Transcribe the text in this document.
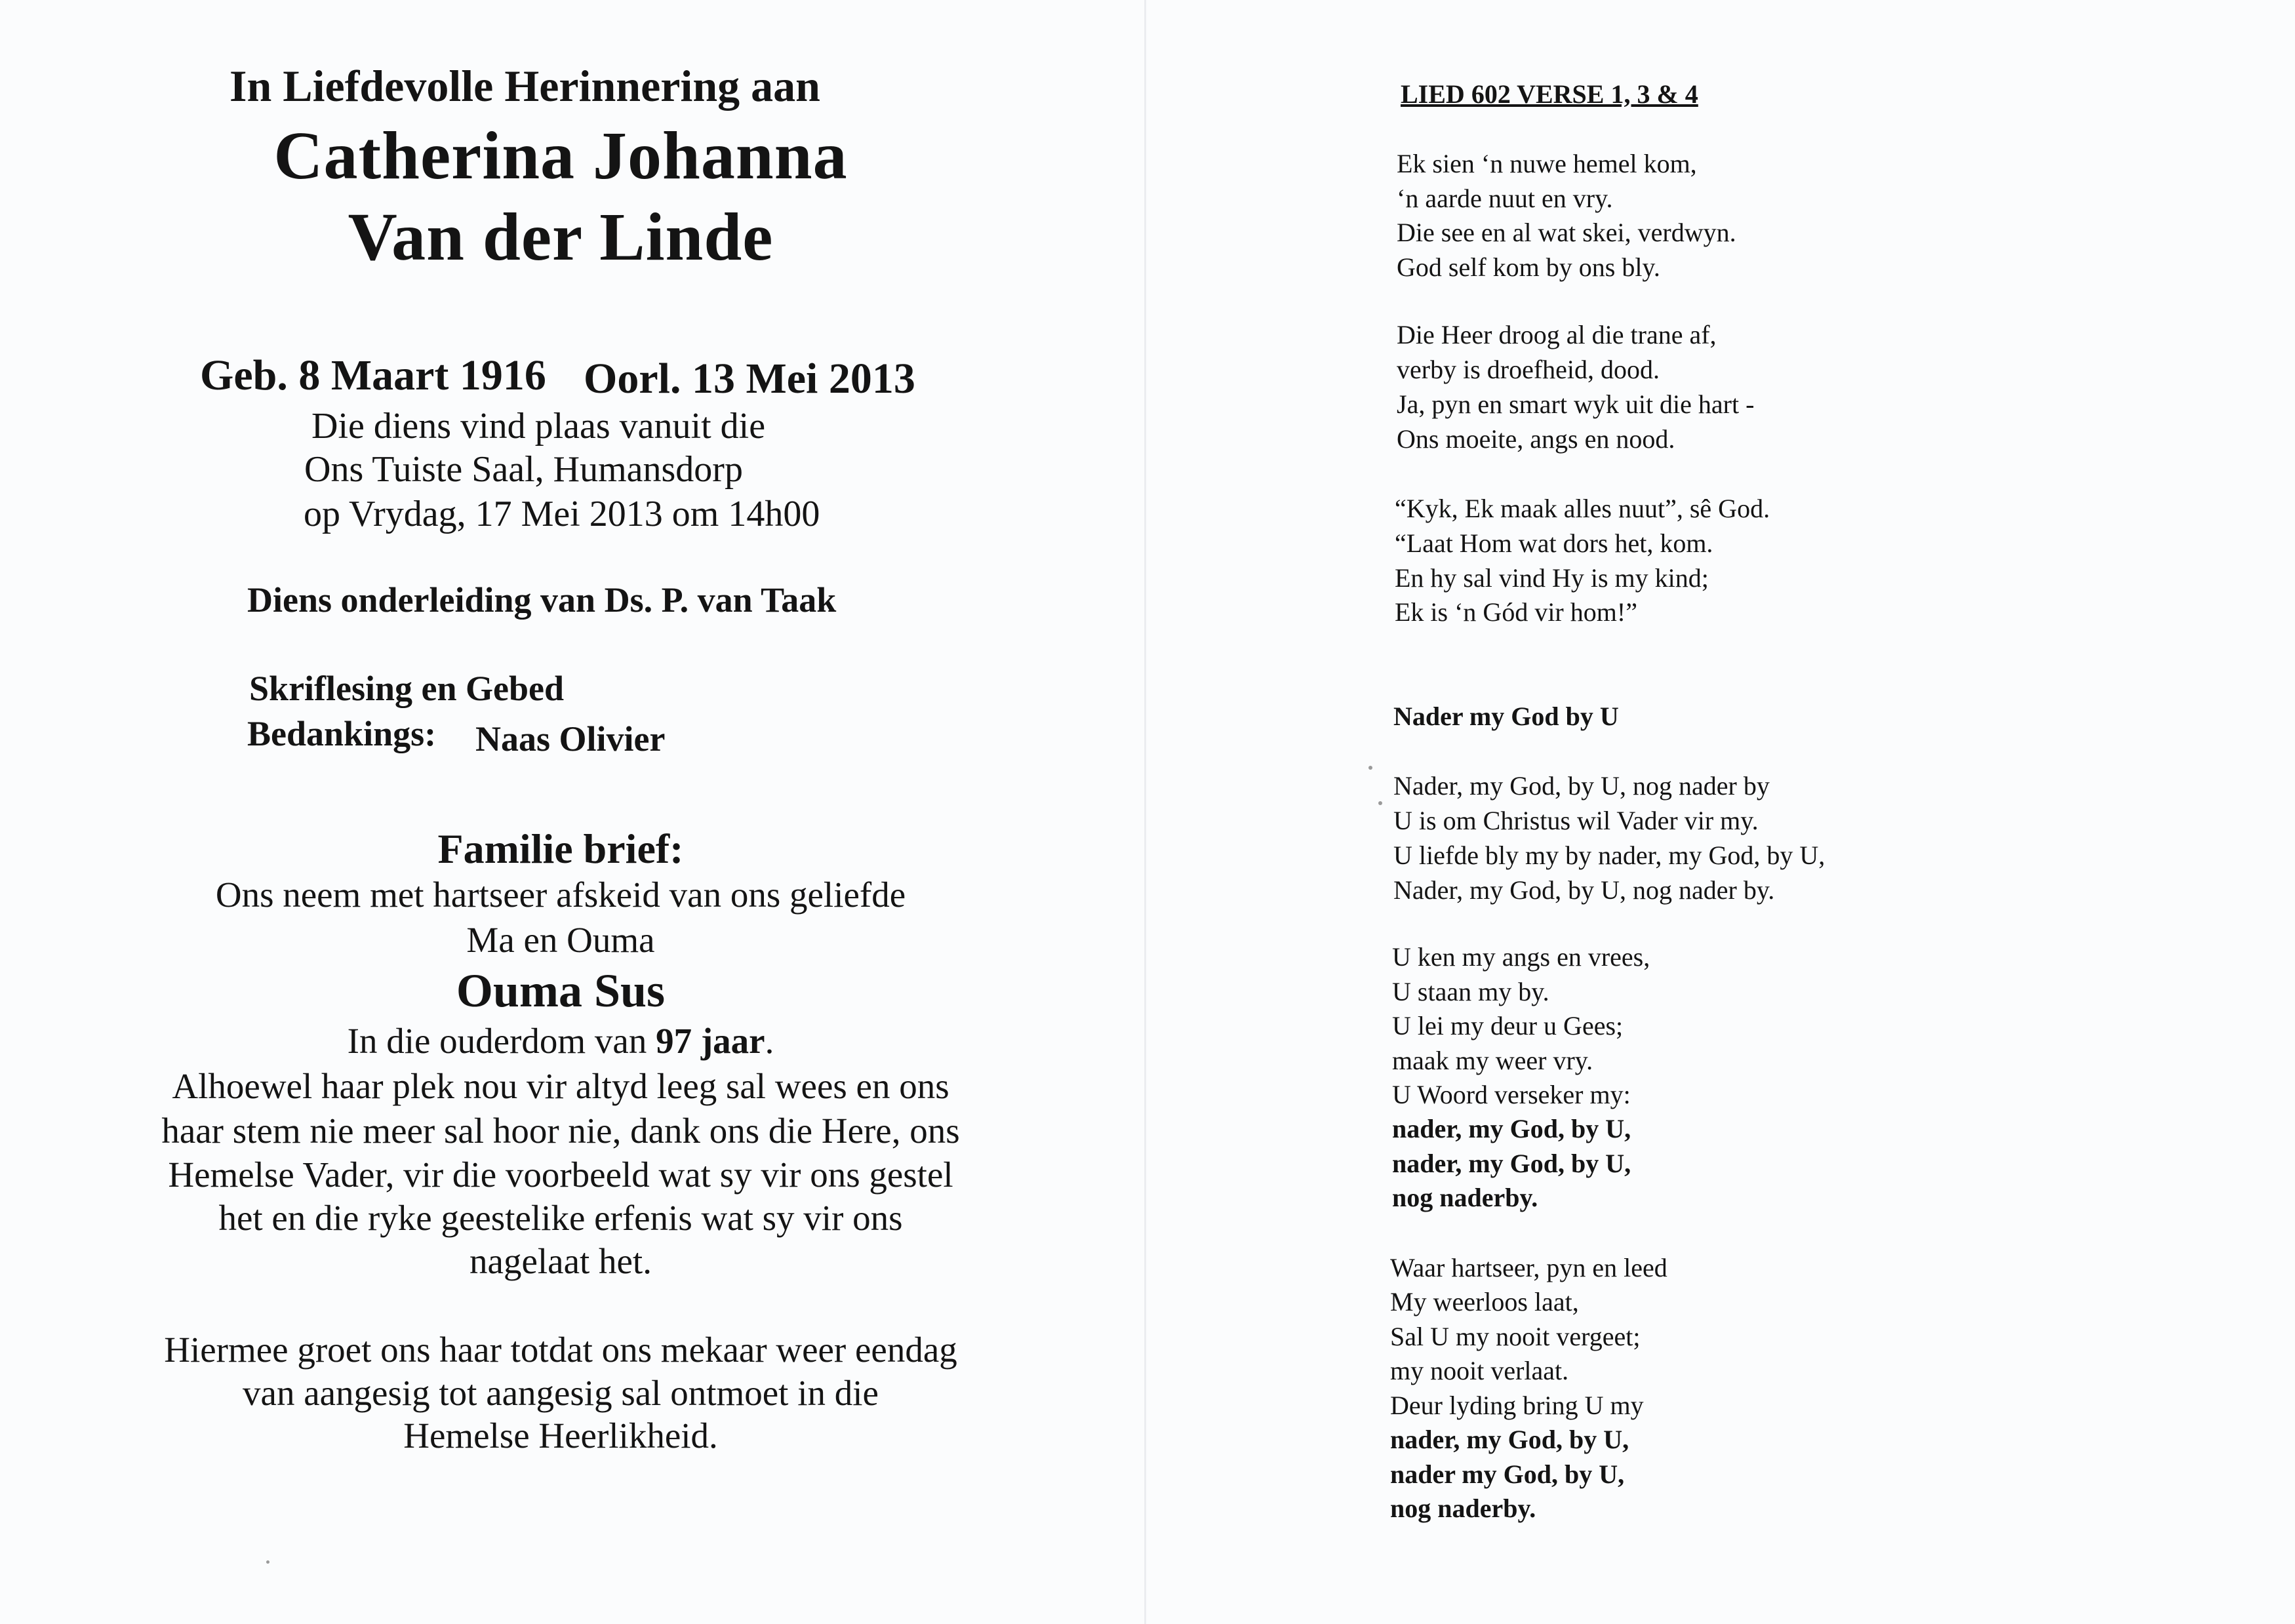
In Liefdevolle Herinnering aan
Catherina Johanna
Van der Linde
Geb. 8 Maart 1916 Oorl. 13 Mei 2013
Die diens vind plaas vanuit die
Ons Tuiste Saal, Humansdorp
op Vrydag, 17 Mei 2013 om 14h00
Diens onderleiding van Ds. P. van Taak
Skriflesing en Gebed
Bedankings: Naas Olivier
Familie brief:
Ons neem met hartseer afskeid van ons geliefde
Ma en Ouma
Ouma Sus
In die ouderdom van 97 jaar.
Alhoewel haar plek nou vir altyd leeg sal wees en ons
haar stem nie meer sal hoor nie, dank ons die Here, ons
Hemelse Vader, vir die voorbeeld wat sy vir ons gestel
het en die ryke geestelike erfenis wat sy vir ons
nagelaat het.
Hiermee groet ons haar totdat ons mekaar weer eendag
van aangesig tot aangesig sal ontmoet in die
Hemelse Heerlikheid.
LIED 602 VERSE 1, 3 & 4
Ek sien ‘n nuwe hemel kom,
‘n aarde nuut en vry.
Die see en al wat skei, verdwyn.
God self kom by ons bly.
Die Heer droog al die trane af,
verby is droefheid, dood.
Ja, pyn en smart wyk uit die hart -
Ons moeite, angs en nood.
“Kyk, Ek maak alles nuut”, sê God.
“Laat Hom wat dors het, kom.
En hy sal vind Hy is my kind;
Ek is ‘n Gód vir hom!”
Nader my God by U
Nader, my God, by U, nog nader by
U is om Christus wil Vader vir my.
U liefde bly my by nader, my God, by U,
Nader, my God, by U, nog nader by.
U ken my angs en vrees,
U staan my by.
U lei my deur u Gees;
maak my weer vry.
U Woord verseker my:
nader, my God, by U,
nader, my God, by U,
nog naderby.
Waar hartseer, pyn en leed
My weerloos laat,
Sal U my nooit vergeet;
my nooit verlaat.
Deur lyding bring U my
nader, my God, by U,
nader my God, by U,
nog naderby.
